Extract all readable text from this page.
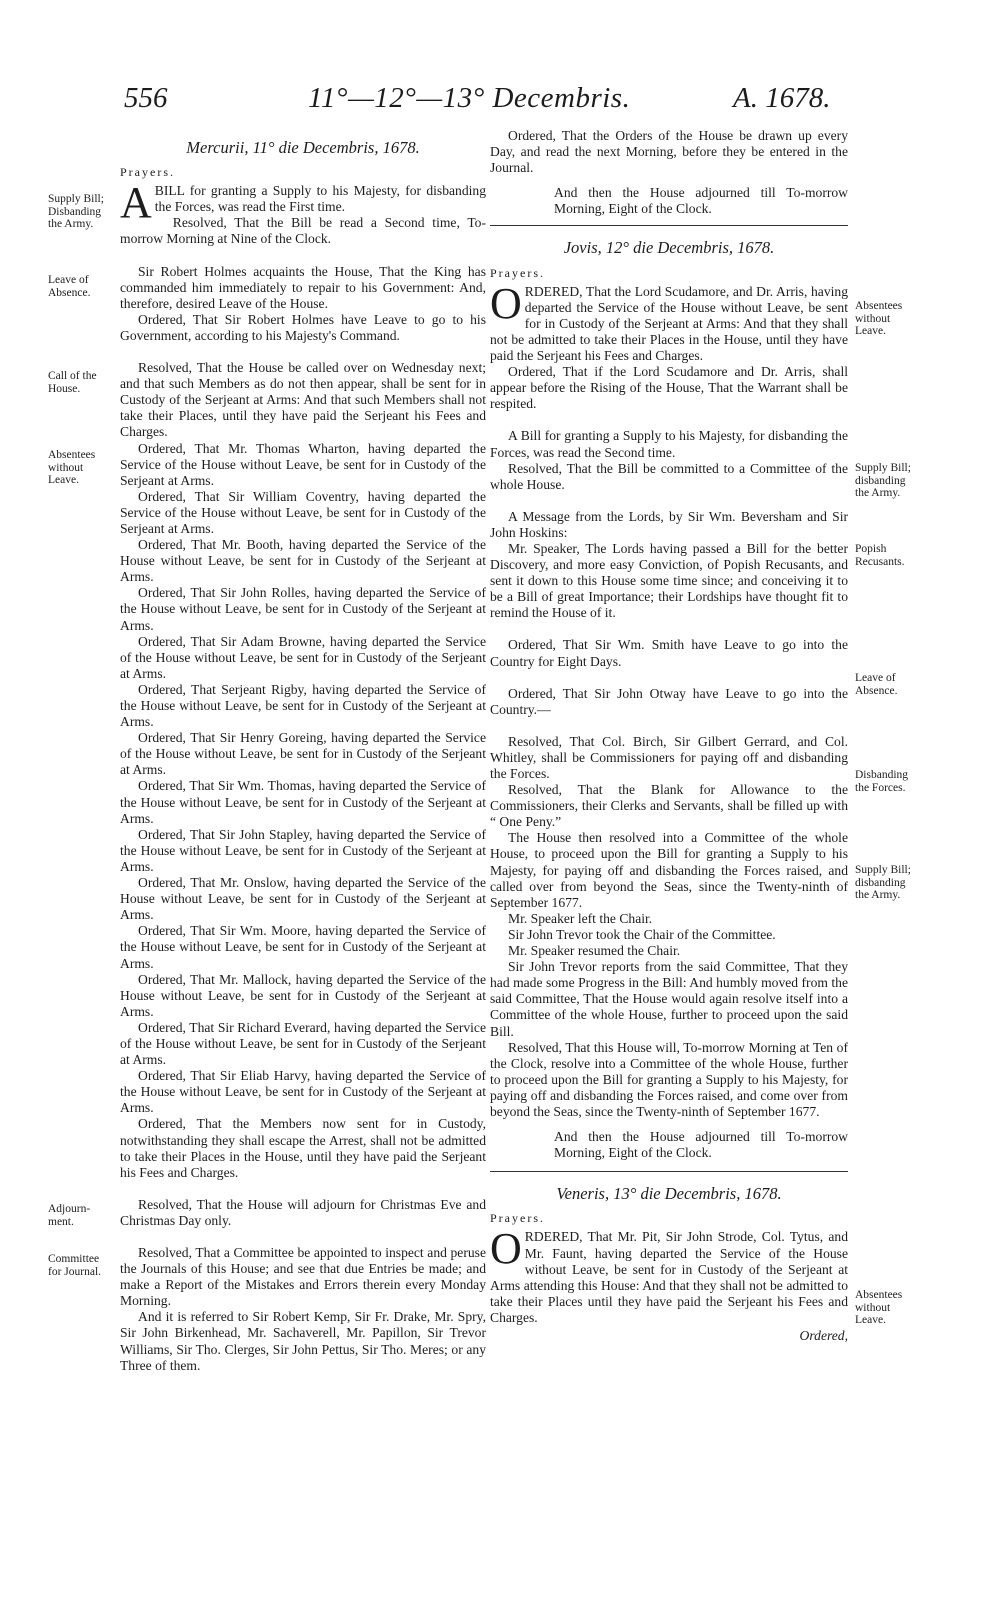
556	11°—12°—13° Decembris.	A. 1678.
Supply Bill;
Disbanding
the Army.
Leave of
Absence.
Call of the
House.
Absentees
without
Leave.
Adjourn-
ment.
Committee
for Journal.
Absentees
without
Leave.
Supply Bill;
disbanding
the Army.
Popish
Recusants.
Leave of
Absence.
Disbanding
the Forces.
Supply Bill;
disbanding
the Army.
Absentees
without
Leave.

Mercurii, 11° die Decembris, 1678.

Prayers.

A BILL for granting a Supply to his Majesty, for disbanding the Forces, was read the First time.

Resolved, That the Bill be read a Second time, To-morrow Morning at Nine of the Clock.

Sir Robert Holmes acquaints the House, That the King has commanded him immediately to repair to his Government: And, therefore, desired Leave of the House.

Ordered, That Sir Robert Holmes have Leave to go to his Government, according to his Majesty's Command.

Resolved, That the House be called over on Wednesday next; and that such Members as do not then appear, shall be sent for in Custody of the Serjeant at Arms: And that such Members shall not take their Places, until they have paid the Serjeant his Fees and Charges.

Ordered, That Mr. Thomas Wharton, having departed the Service of the House without Leave, be sent for in Custody of the Serjeant at Arms.

Ordered, That Sir William Coventry, having departed the Service of the House without Leave, be sent for in Custody of the Serjeant at Arms.

Ordered, That Mr. Booth, having departed the Service of the House without Leave, be sent for in Custody of the Serjeant at Arms.

Ordered, That Sir John Rolles, having departed the Service of the House without Leave, be sent for in Custody of the Serjeant at Arms.

Ordered, That Sir Adam Browne, having departed the Service of the House without Leave, be sent for in Custody of the Serjeant at Arms.

Ordered, That Serjeant Rigby, having departed the Service of the House without Leave, be sent for in Custody of the Serjeant at Arms.

Ordered, That Sir Henry Goreing, having departed the Service of the House without Leave, be sent for in Custody of the Serjeant at Arms.

Ordered, That Sir Wm. Thomas, having departed the Service of the House without Leave, be sent for in Custody of the Serjeant at Arms.

Ordered, That Sir John Stapley, having departed the Service of the House without Leave, be sent for in Custody of the Serjeant at Arms.

Ordered, That Mr. Onslow, having departed the Service of the House without Leave, be sent for in Custody of the Serjeant at Arms.

Ordered, That Sir Wm. Moore, having departed the Service of the House without Leave, be sent for in Custody of the Serjeant at Arms.

Ordered, That Mr. Mallock, having departed the Service of the House without Leave, be sent for in Custody of the Serjeant at Arms.

Ordered, That Sir Richard Everard, having departed the Service of the House without Leave, be sent for in Custody of the Serjeant at Arms.

Ordered, That Sir Eliab Harvy, having departed the Service of the House without Leave, be sent for in Custody of the Serjeant at Arms.

Ordered, That the Members now sent for in Custody, notwithstanding they shall escape the Arrest, shall not be admitted to take their Places in the House, until they have paid the Serjeant his Fees and Charges.

Resolved, That the House will adjourn for Christmas Eve and Christmas Day only.

Resolved, That a Committee be appointed to inspect and peruse the Journals of this House; and see that due Entries be made; and make a Report of the Mistakes and Errors therein every Monday Morning.

And it is referred to Sir Robert Kemp, Sir Fr. Drake, Mr. Spry, Sir John Birkenhead, Mr. Sachaverell, Mr. Papillon, Sir Trevor Williams, Sir Tho. Clerges, Sir John Pettus, Sir Tho. Meres; or any Three of them.

Ordered, That the Orders of the House be drawn up every Day, and read the next Morning, before they be entered in the Journal.

And then the House adjourned till To-morrow Morning, Eight of the Clock.

Jovis, 12° die Decembris, 1678.

Prayers.

ORDERED, That the Lord Scudamore, and Dr. Arris, having departed the Service of the House without Leave, be sent for in Custody of the Serjeant at Arms: And that they shall not be admitted to take their Places in the House, until they have paid the Serjeant his Fees and Charges.

Ordered, That if the Lord Scudamore and Dr. Arris, shall appear before the Rising of the House, That the Warrant shall be respited.

A Bill for granting a Supply to his Majesty, for disbanding the Forces, was read the Second time.

Resolved, That the Bill be committed to a Committee of the whole House.

A Message from the Lords, by Sir Wm. Beversham and Sir John Hoskins:

Mr. Speaker, The Lords having passed a Bill for the better Discovery, and more easy Conviction, of Popish Recusants, and sent it down to this House some time since; and conceiving it to be a Bill of great Importance; their Lordships have thought fit to remind the House of it.

Ordered, That Sir Wm. Smith have Leave to go into the Country for Eight Days.

Ordered, That Sir John Otway have Leave to go into the Country.—

Resolved, That Col. Birch, Sir Gilbert Gerrard, and Col. Whitley, shall be Commissioners for paying off and disbanding the Forces.

Resolved, That the Blank for Allowance to the Commissioners, their Clerks and Servants, shall be filled up with “ One Peny.”

The House then resolved into a Committee of the whole House, to proceed upon the Bill for granting a Supply to his Majesty, for paying off and disbanding the Forces raised, and called over from beyond the Seas, since the Twenty-ninth of September 1677.

Mr. Speaker left the Chair.

Sir John Trevor took the Chair of the Committee.

Mr. Speaker resumed the Chair.

Sir John Trevor reports from the said Committee, That they had made some Progress in the Bill: And humbly moved from the said Committee, That the House would again resolve itself into a Committee of the whole House, further to proceed upon the said Bill.

Resolved, That this House will, To-morrow Morning at Ten of the Clock, resolve into a Committee of the whole House, further to proceed upon the Bill for granting a Supply to his Majesty, for paying off and disbanding the Forces raised, and come over from beyond the Seas, since the Twenty-ninth of September 1677.

And then the House adjourned till To-morrow Morning, Eight of the Clock.

Veneris, 13° die Decembris, 1678.

Prayers.

ORDERED, That Mr. Pit, Sir John Strode, Col. Tytus, and Mr. Faunt, having departed the Service of the House without Leave, be sent for in Custody of the Serjeant at Arms attending this House: And that they shall not be admitted to take their Places until they have paid the Serjeant his Fees and Charges.

Ordered,
